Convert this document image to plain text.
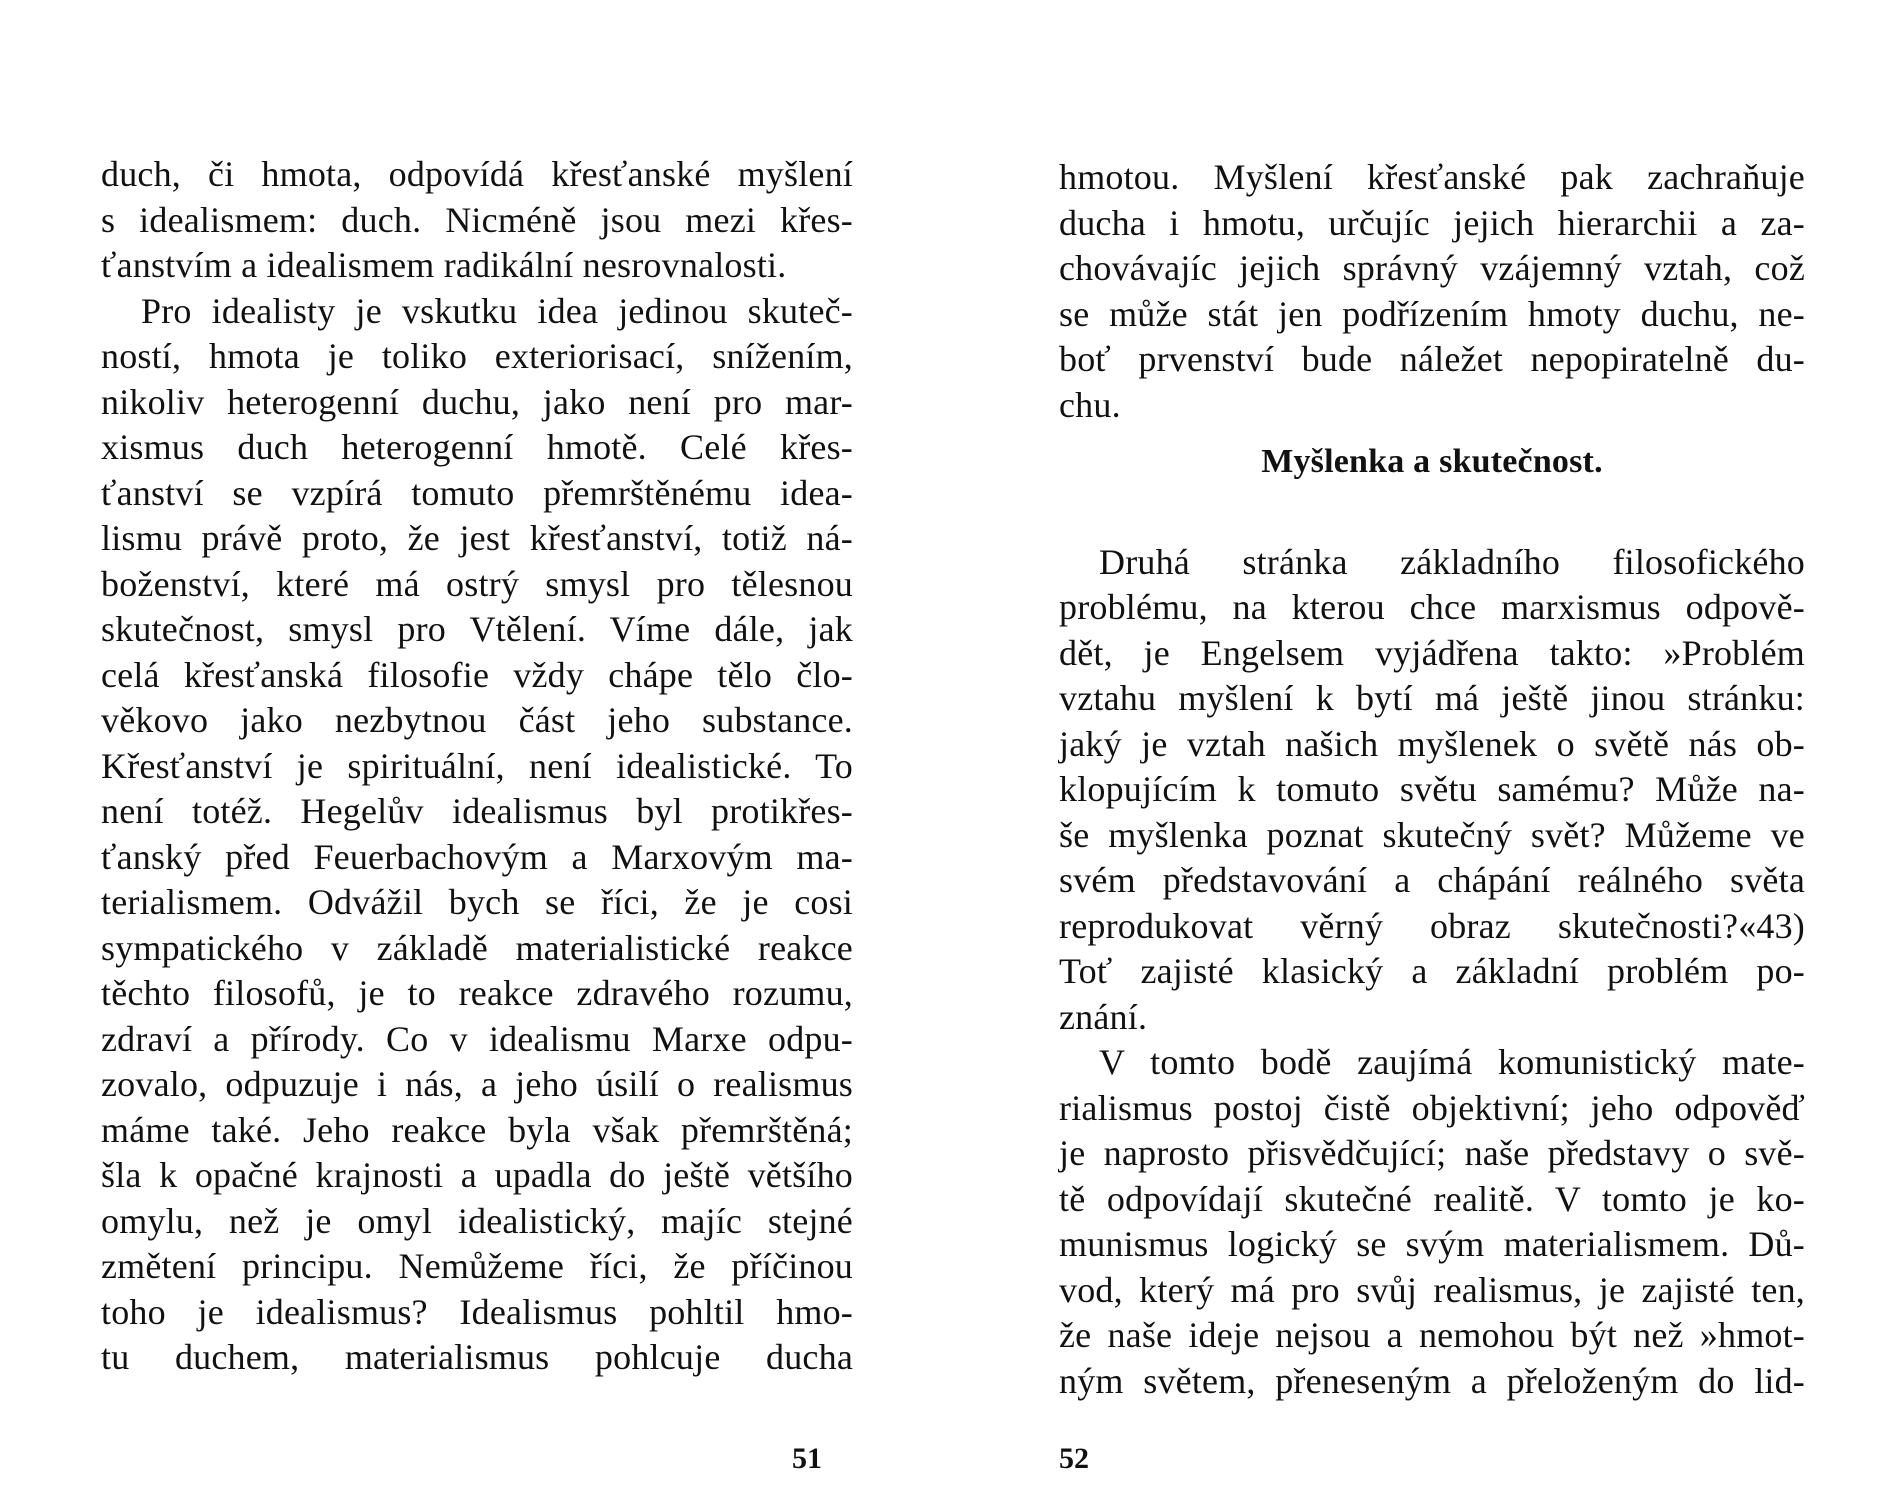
duch, či hmota, odpovídá křesťanské myšlení
s idealismem: duch. Nicméně jsou mezi křes-
ťanstvím a idealismem radikální nesrovnalosti.
Pro idealisty je vskutku idea jedinou skuteč-
ností, hmota je toliko exteriorisací, snížením,
nikoliv heterogenní duchu, jako není pro mar-
xismus duch heterogenní hmotě. Celé křes-
ťanství se vzpírá tomuto přemrštěnému idea-
lismu právě proto, že jest křesťanství, totiž ná-
boženství, které má ostrý smysl pro tělesnou
skutečnost, smysl pro Vtělení. Víme dále, jak
celá křesťanská filosofie vždy chápe tělo člo-
věkovo jako nezbytnou část jeho substance.
Křesťanství je spirituální, není idealistické. To
není totéž. Hegelův idealismus byl protikřes-
ťanský před Feuerbachovým a Marxovým ma-
terialismem. Odvážil bych se říci, že je cosi
sympatického v základě materialistické reakce
těchto filosofů, je to reakce zdravého rozumu,
zdraví a přírody. Co v idealismu Marxe odpu-
zovalo, odpuzuje i nás, a jeho úsilí o realismus
máme také. Jeho reakce byla však přemrštěná;
šla k opačné krajnosti a upadla do ještě většího
omylu, než je omyl idealistický, majíc stejné
změtení principu. Nemůžeme říci, že příčinou
toho je idealismus? Idealismus pohltil hmo-
tu duchem, materialismus pohlcuje ducha
51
hmotou. Myšlení křesťanské pak zachraňuje
ducha i hmotu, určujíc jejich hierarchii a za-
chovávajíc jejich správný vzájemný vztah, což
se může stát jen podřízením hmoty duchu, ne-
boť prvenství bude náležet nepopiratelně du-
chu.
Myšlenka a skutečnost.
Druhá stránka základního filosofického
problému, na kterou chce marxismus odpově-
dět, je Engelsem vyjádřena takto: »Problém
vztahu myšlení k bytí má ještě jinou stránku:
jaký je vztah našich myšlenek o světě nás ob-
klopujícím k tomuto světu samému? Může na-
še myšlenka poznat skutečný svět? Můžeme ve
svém představování a chápání reálného světa
reprodukovat věrný obraz skutečnosti?«43)
Toť zajisté klasický a základní problém po-
znání.
V tomto bodě zaujímá komunistický mate-
rialismus postoj čistě objektivní; jeho odpověď
je naprosto přisvědčující; naše představy o svě-
tě odpovídají skutečné realitě. V tomto je ko-
munismus logický se svým materialismem. Dů-
vod, který má pro svůj realismus, je zajisté ten,
že naše ideje nejsou a nemohou být než »hmot-
ným světem, přeneseným a přeloženým do lid-
52
